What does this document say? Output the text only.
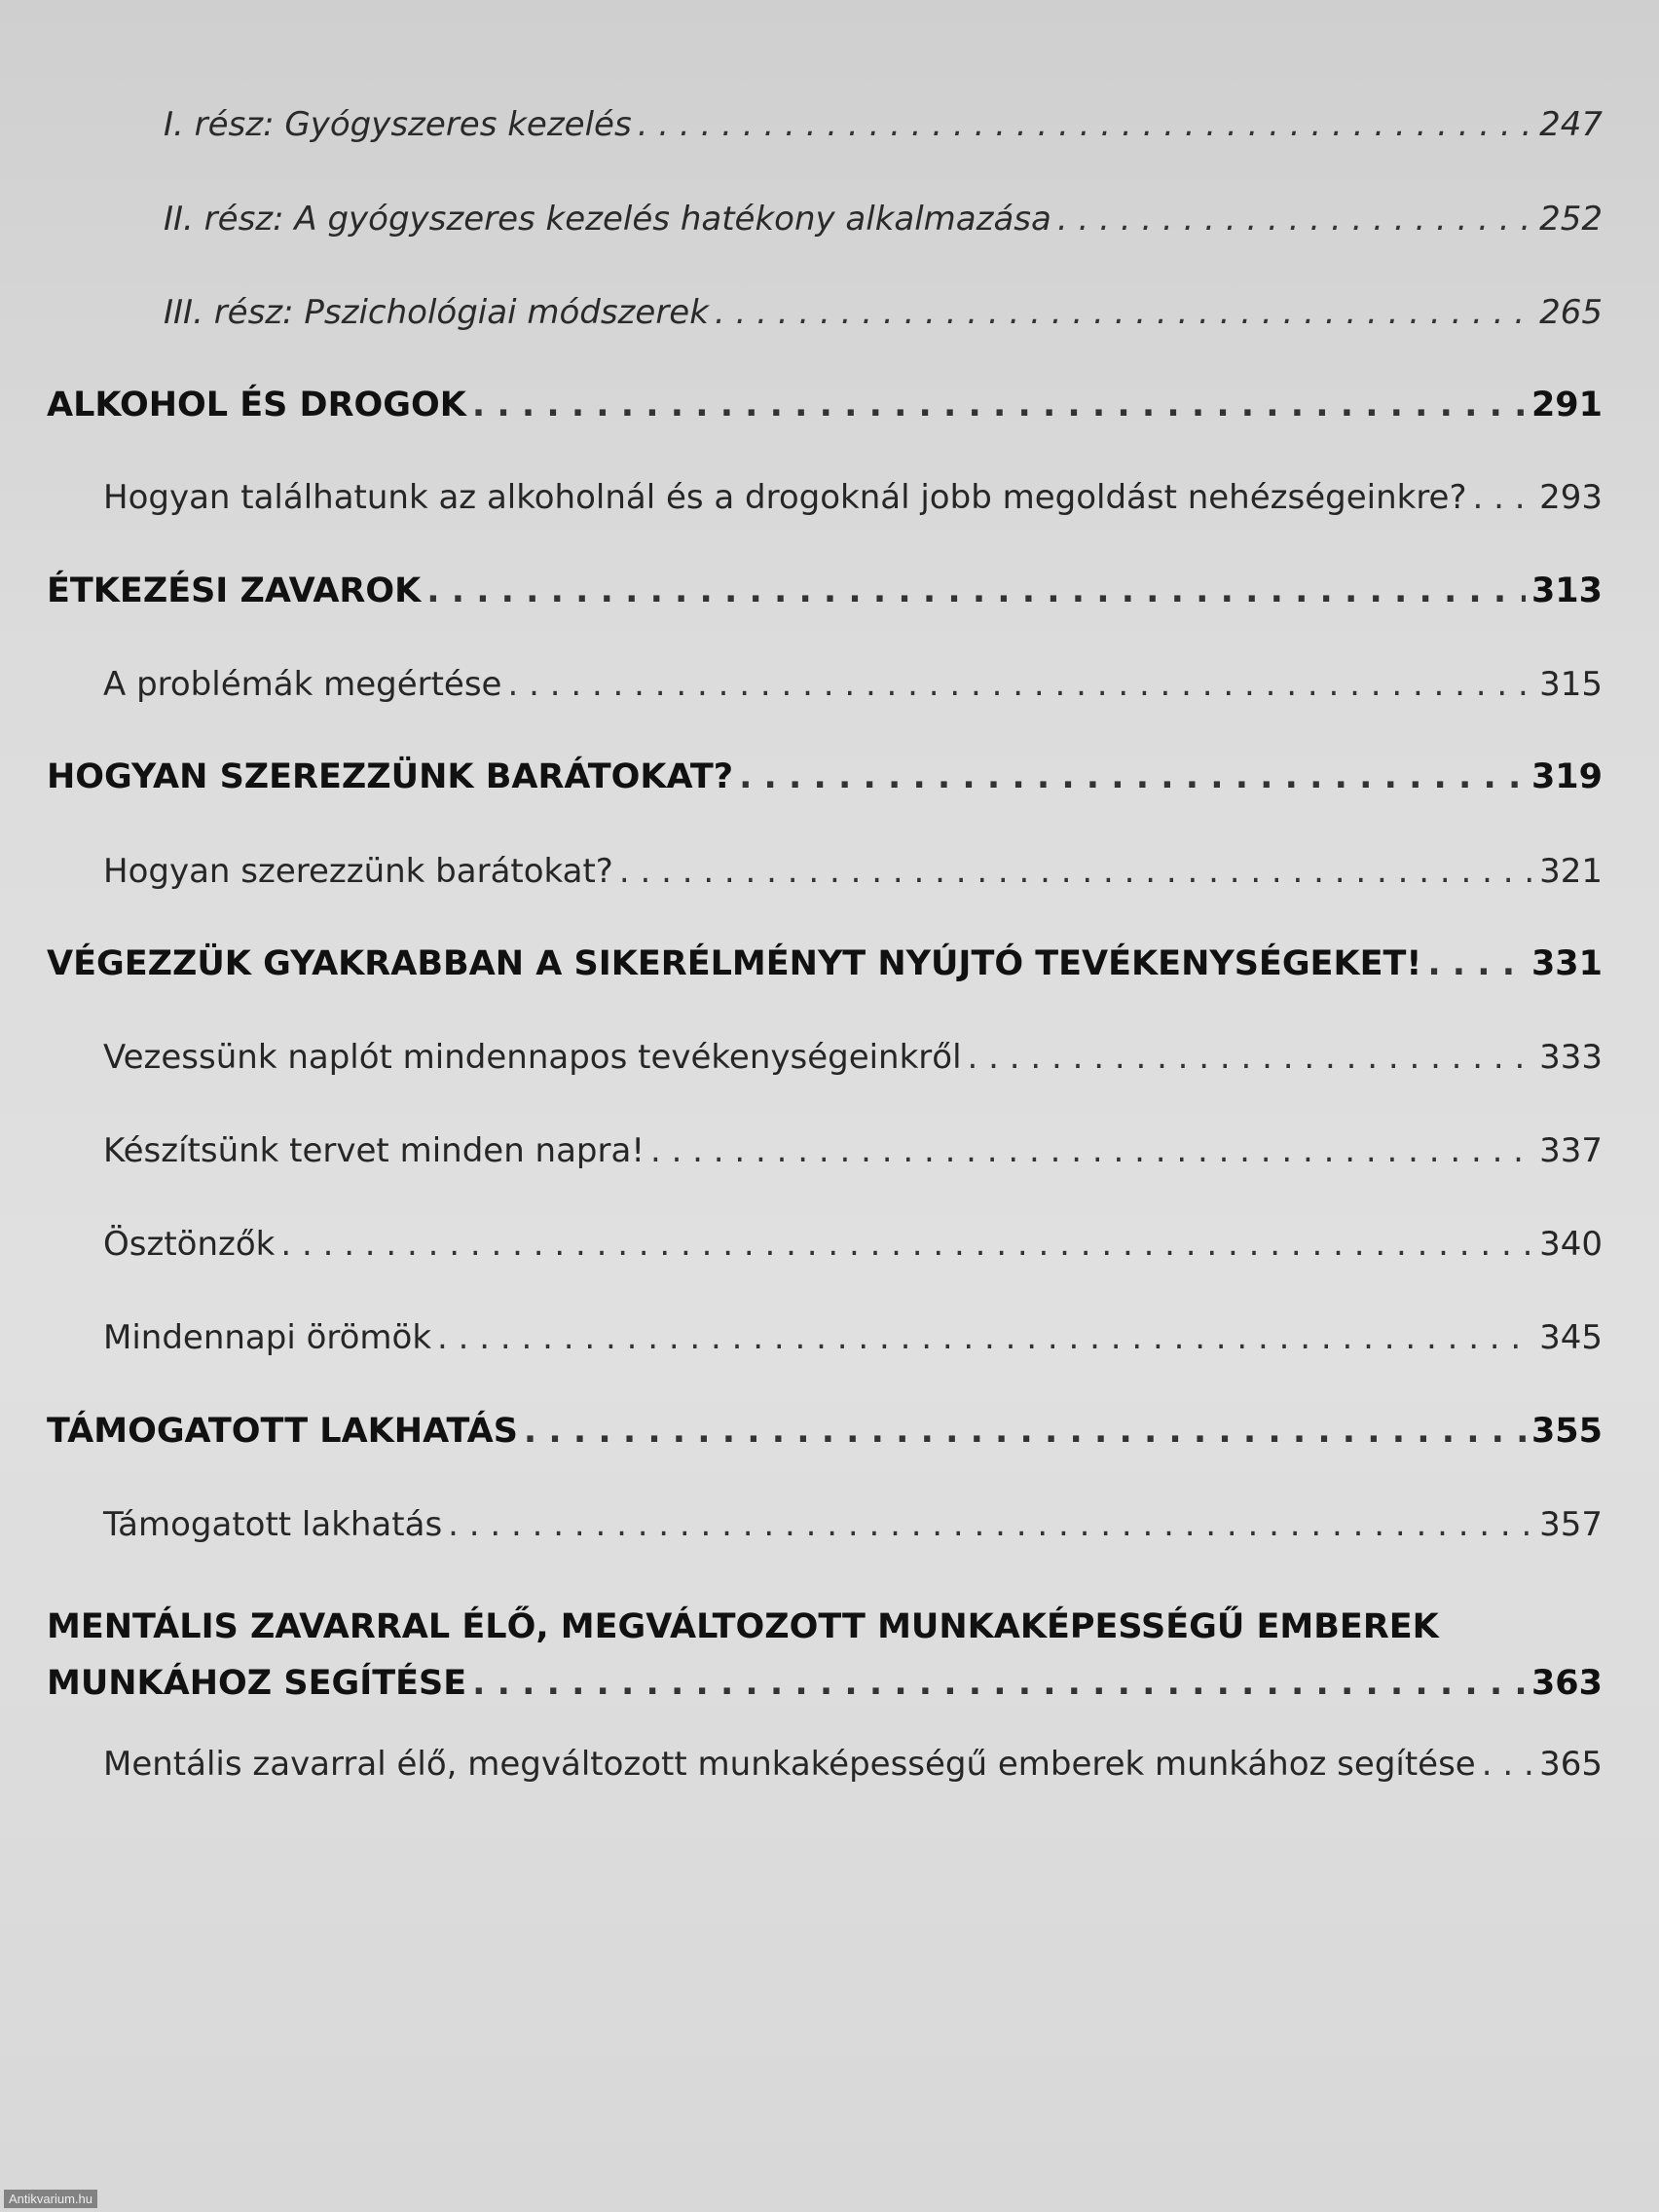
I. rész: Gyógyszeres kezelés . . .	247
II. rész: A gyógyszeres kezelés hatékony alkalmazása . . .	252
III. rész: Pszichológiai módszerek . . .	265
ALKOHOL ÉS DROGOK . . .	291
Hogyan találhatunk az alkoholnál és a drogoknál jobb megoldást nehézségeinkre? . . . 293
ÉTKEZÉSI ZAVAROK . . .	313
A problémák megértése . . .	315
HOGYAN SZEREZZÜNK BARÁTOKAT? . . .	319
Hogyan szerezzünk barátokat? . . .	321
VÉGEZZÜK GYAKRABBAN A SIKERÉLMÉNYT NYÚJTÓ TEVÉKENYSÉGEKET! . . .	331
Vezessünk naplót mindennapos tevékenységeinkről . . .	333
Készítsünk tervet minden napra! . . .	337
Ösztönzők . . .	340
Mindennapi örömök . . .	345
TÁMOGATOTT LAKHATÁS . . .	355
Támogatott lakhatás . . .	357
MENTÁLIS ZAVARRAL ÉLŐ, MEGVÁLTOZOTT MUNKAKÉPESSÉGŰ EMBEREK
MUNKÁHOZ SEGÍTÉSE . . .	363
Mentális zavarral élő, megváltozott munkaképességű emberek munkához segítése . . . 365
Antikvarium.hu
